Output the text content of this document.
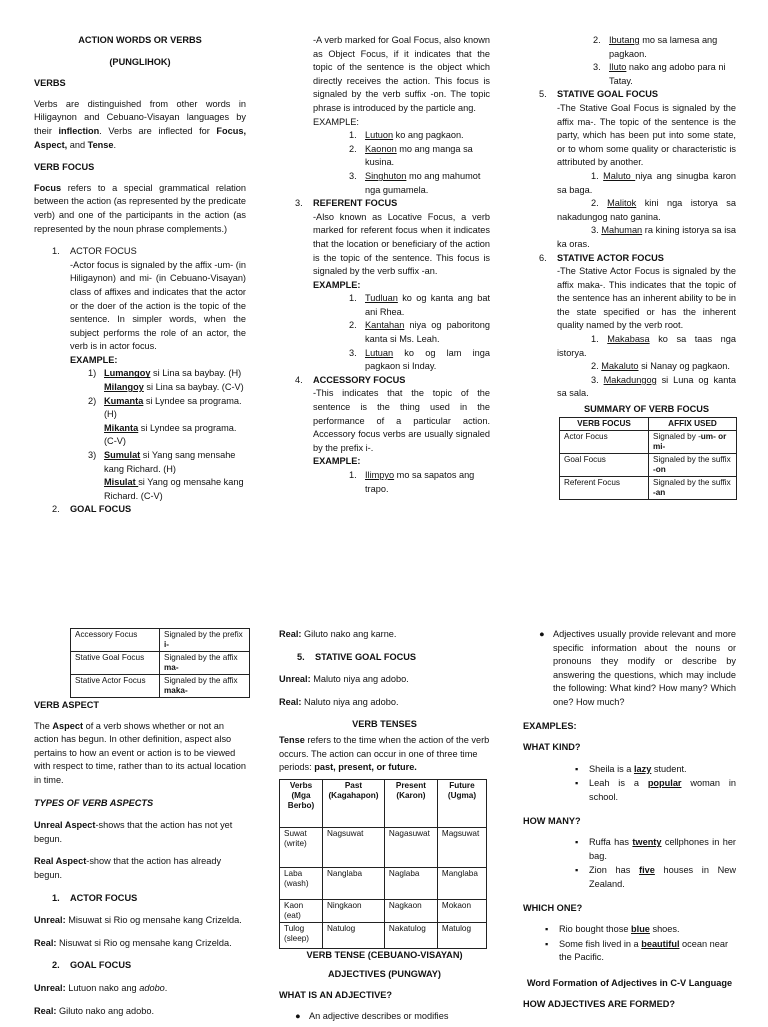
ACTION WORDS OR VERBS

(PUNGLIHOK)

VERBS

Verbs are distinguished from other words in Hiligaynon and Cebuano-Visayan languages by their inflection. Verbs are inflected for Focus, Aspect, and Tense.

VERB FOCUS

Focus refers to a special grammatical relation between the action (as represented by the predicate verb) and one of the participants in the action (as represented by the noun phrase complements.)

1.	ACTOR FOCUS
-Actor focus is signaled by the affix -um- (in Hiligaynon) and mi- (in Cebuano-Visayan) class of affixes and indicates that the actor or the doer of the action is the topic of the sentence. In simpler words, when the subject performs the role of an actor, the verb is in actor focus.
EXAMPLE:
1) Lumangoy si Lina sa baybay. (H)
Milangoy si Lina sa baybay. (C-V)
2) Kumanta si Lyndee sa programa. (H)
Mikanta si Lyndee sa programa. (C-V)
3) Sumulat si Yang sang mensahe kang Richard. (H)
Misulat si Yang og mensahe kang Richard. (C-V)
2.	GOAL FOCUS
-A verb marked for Goal Focus, also known as Object Focus, if it indicates that the topic of the sentence is the object which directly receives the action. This focus is signaled by the verb suffix -on. The topic phrase is introduced by the particle ang.
EXAMPLE:
1. Lutuon ko ang pagkaon.
2. Kaonon mo ang manga sa kusina.
3. Singhuton mo ang mahumot nga gumamela.
3.	REFERENT FOCUS
-Also known as Locative Focus, a verb marked for referent focus when it indicates that the location or beneficiary of the action is the topic of the sentence. This focus is signaled by the verb suffix -an.
EXAMPLE:
1. Tudluan ko og kanta ang bat ani Rhea.
2. Kantahan niya og paboritong kanta si Ms. Leah.
3. Lutuan ko og lam inga pagkaon si Inday.
4.	ACCESSORY FOCUS
-This indicates that the topic of the sentence is the thing used in the performance of a particular action. Accessory focus verbs are usually signaled by the prefix i-.
EXAMPLE:
1. Ilimpyo mo sa sapatos ang trapo.
2. Ibutang mo sa lamesa ang pagkaon.
3. Iluto nako ang adobo para ni Tatay.
5.	STATIVE GOAL FOCUS
-The Stative Goal Focus is signaled by the affix ma-. The topic of the sentence is the party, which has been put into some state, or to whom some quality or characteristic is attributed by another.
1. Maluto niya ang sinugba karon sa baga.
2. Malitok kini nga istorya sa nakadungog nato ganina.
3. Mahuman ra kining istorya sa isa ka oras.
6.	STATIVE ACTOR FOCUS
-The Stative Actor Focus is signaled by the affix maka-. This indicates that the topic of the sentence has an inherent ability to be in the state specified or has the inherent quality named by the verb root.
1. Makabasa ko sa taas nga istorya.
2. Makaluto si Nanay og pagkaon.
3. Makadungog si Luna og kanta sa sala.
SUMMARY OF VERB FOCUS
VERB FOCUS	AFFIX USED
Actor Focus	Signaled by -um- or mi-
Goal Focus	Signaled by the suffix -on
Referent Focus	Signaled by the suffix -an
Accessory Focus	Signaled by the prefix i-
Stative Goal Focus	Signaled by the affix ma-
Stative Actor Focus	Signaled by the affix maka-

VERB ASPECT

The Aspect of a verb shows whether or not an action has begun. In other definition, aspect also pertains to how an event or action is to be viewed with respect to time, rather than to its actual location in time.

TYPES OF VERB ASPECTS

Unreal Aspect-shows that the action has not yet begun.

Real Aspect-show that the action has already begun.

1.	ACTOR FOCUS

Unreal: Misuwat si Rio og mensahe kang Crizelda.

Real: Nisuwat si Rio og mensahe kang Crizelda.

2.	GOAL FOCUS

Unreal: Lutuon nako ang adobo.

Real: Giluto nako ang adobo.

Real: Giluto nako ang karne.

5.	STATIVE GOAL FOCUS

Unreal: Maluto niya ang adobo.

Real: Naluto niya ang adobo.

VERB TENSES

Tense refers to the time when the action of the verb occurs. The action can occur in one of three time periods: past, present, or future.

Verbs (Mga Berbo)	Past (Kagahapon)	Present (Karon)	Future (Ugma)
Suwat (write)	Nagsuwat	Nagasuwat	Magsuwat
Laba (wash)	Nanglaba	Naglaba	Manglaba
Kaon (eat)	Ningkaon	Nagkaon	Mokaon
Tulog (sleep)	Natulog	Nakatulog	Matulog

VERB TENSE (CEBUANO-VISAYAN)

ADJECTIVES (PUNGWAY)

WHAT IS AN ADJECTIVE?

● An adjective describes or modifies
● Adjectives usually provide relevant and more specific information about the nouns or pronouns they modify or describe by answering the questions, which may include the following: What kind? How many? Which one? How much?

EXAMPLES:

WHAT KIND?

▪ Sheila is a lazy student.
▪ Leah is a popular woman in school.

HOW MANY?

▪ Ruffa has twenty cellphones in her bag.
▪ Zion has five houses in New Zealand.

WHICH ONE?

▪ Rio bought those blue shoes.
▪ Some fish lived in a beautiful ocean near the Pacific.

Word Formation of Adjectives in C-V Language

HOW ADJECTIVES ARE FORMED?
